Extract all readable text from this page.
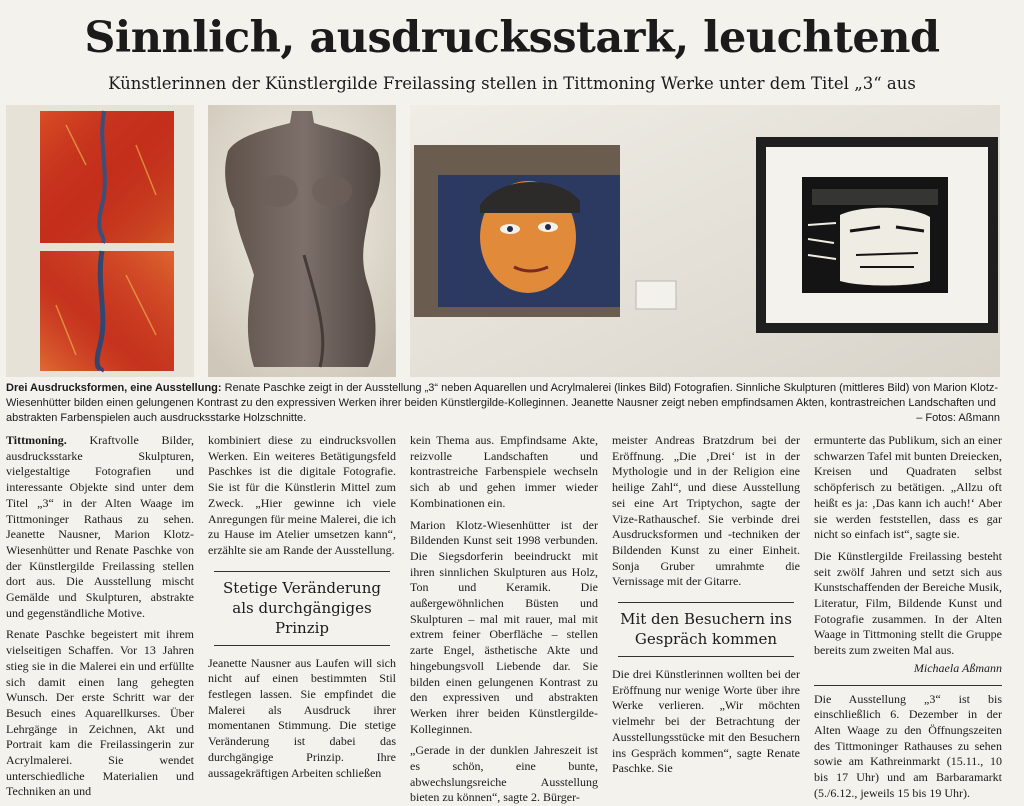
Sinnlich, ausdrucksstark, leuchtend
Künstlerinnen der Künstlergilde Freilassing stellen in Tittmoning Werke unter dem Titel „3“ aus
Drei Ausdrucksformen, eine Ausstellung: Renate Paschke zeigt in der Ausstellung „3“ neben Aquarellen und Acrylmalerei (linkes Bild) Fotografien. Sinnliche Skulpturen (mittleres Bild) von Marion Klotz-Wiesenhütter bilden einen gelungenen Kontrast zu den expressiven Werken ihrer beiden Künstlergilde-Kolleginnen. Jeanette Nausner zeigt neben empfindsamen Akten, kontrastreichen Landschaften und abstrakten Farbenspielen auch ausdrucksstarke Holzschnitte.	– Fotos: Aßmann

Tittmoning. Kraftvolle Bilder, ausdrucksstarke Skulpturen, vielgestaltige Fotografien und interessante Objekte sind unter dem Titel „3“ in der Alten Waage im Tittmoninger Rathaus zu sehen. Jeanette Nausner, Marion Klotz-Wiesenhütter und Renate Paschke von der Künstlergilde Freilassing stellen dort aus. Die Ausstellung mischt Gemälde und Skulpturen, abstrakte und gegenständliche Motive.

Renate Paschke begeistert mit ihrem vielseitigen Schaffen. Vor 13 Jahren stieg sie in die Malerei ein und erfüllte sich damit einen lang gehegten Wunsch. Der erste Schritt war der Besuch eines Aquarellkurses. Über Lehrgänge in Zeichnen, Akt und Portrait kam die Freilassingerin zur Acrylmalerei. Sie wendet unterschiedliche Materialien und Techniken an und

kombiniert diese zu eindrucksvollen Werken. Ein weiteres Betätigungsfeld Paschkes ist die digitale Fotografie. Sie ist für die Künstlerin Mittel zum Zweck. „Hier gewinne ich viele Anregungen für meine Malerei, die ich zu Hause im Atelier umsetzen kann“, erzählte sie am Rande der Ausstellung.

Stetige Veränderung als durchgängiges Prinzip

Jeanette Nausner aus Laufen will sich nicht auf einen bestimmten Stil festlegen lassen. Sie empfindet die Malerei als Ausdruck ihrer momentanen Stimmung. Die stetige Veränderung ist dabei das durchgängige Prinzip. Ihre aussagekräftigen Arbeiten schließen

kein Thema aus. Empfindsame Akte, reizvolle Landschaften und kontrastreiche Farbenspiele wechseln sich ab und gehen immer wieder Kombinationen ein.

Marion Klotz-Wiesenhütter ist der Bildenden Kunst seit 1998 verbunden. Die Siegsdorferin beeindruckt mit ihren sinnlichen Skulpturen aus Holz, Ton und Keramik. Die außergewöhnlichen Büsten und Skulpturen – mal mit rauer, mal mit extrem feiner Oberfläche – stellen zarte Engel, ästhetische Akte und hingebungsvoll Liebende dar. Sie bilden einen gelungenen Kontrast zu den expressiven und abstrakten Werken ihrer beiden Künstlergilde-Kolleginnen.

„Gerade in der dunklen Jahreszeit ist es schön, eine bunte, abwechslungsreiche Ausstellung bieten zu können“, sagte 2. Bürger-

meister Andreas Bratzdrum bei der Eröffnung. „Die ‚Drei‘ ist in der Mythologie und in der Religion eine heilige Zahl“, und diese Ausstellung sei eine Art Triptychon, sagte der Vize-Rathauschef. Sie verbinde drei Ausdrucksformen und -techniken der Bildenden Kunst zu einer Einheit. Sonja Gruber umrahmte die Vernissage mit der Gitarre.

Mit den Besuchern ins Gespräch kommen

Die drei Künstlerinnen wollten bei der Eröffnung nur wenige Worte über ihre Werke verlieren. „Wir möchten vielmehr bei der Betrachtung der Ausstellungsstücke mit den Besuchern ins Gespräch kommen“, sagte Renate Paschke. Sie

ermunterte das Publikum, sich an einer schwarzen Tafel mit bunten Dreiecken, Kreisen und Quadraten selbst schöpferisch zu betätigen. „Allzu oft heißt es ja: ‚Das kann ich auch!‘ Aber sie werden feststellen, dass es gar nicht so einfach ist“, sagte sie.

Die Künstlergilde Freilassing besteht seit zwölf Jahren und setzt sich aus Kunstschaffenden der Bereiche Musik, Literatur, Film, Bildende Kunst und Fotografie zusammen. In der Alten Waage in Tittmoning stellt die Gruppe bereits zum zweiten Mal aus.

Michaela Aßmann
Die Ausstellung „3“ ist bis einschließlich 6. Dezember in der Alten Waage zu den Öffnungszeiten des Tittmoninger Rathauses zu sehen sowie am Kathreinmarkt (15.11., 10 bis 17 Uhr) und am Barbaramarkt (5./6.12., jeweils 15 bis 19 Uhr).
